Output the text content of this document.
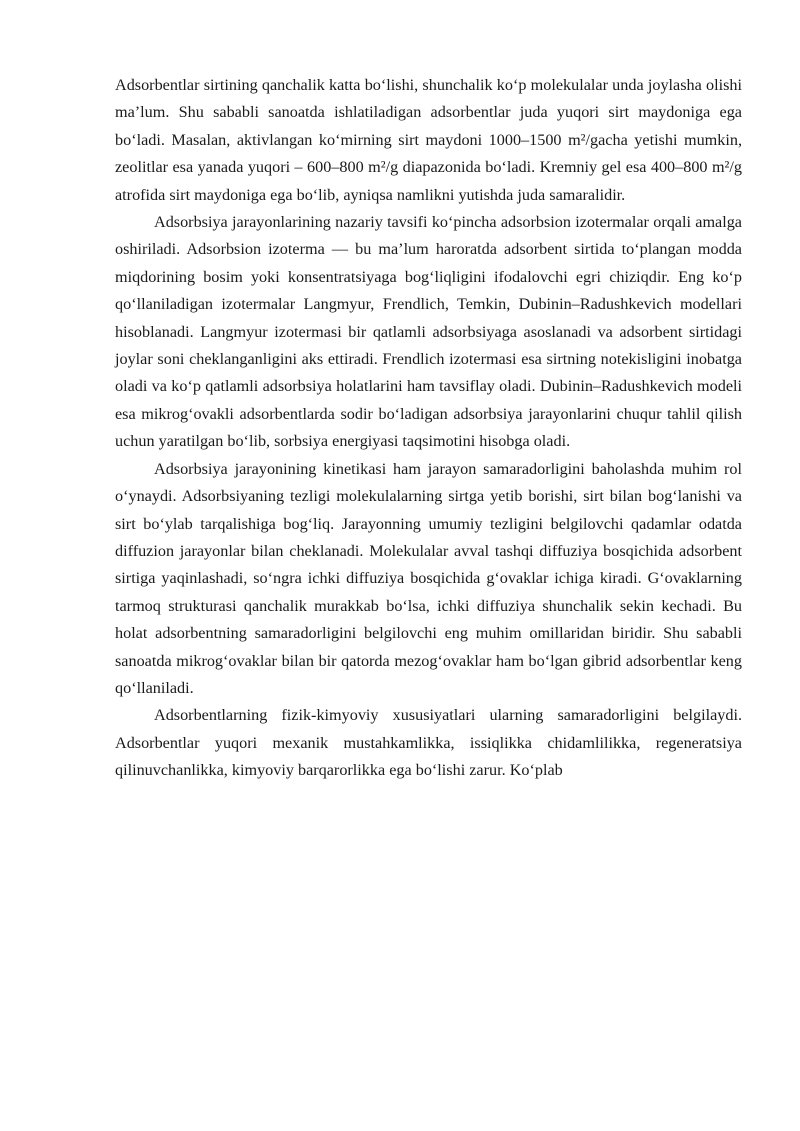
Adsorbentlar sirtining qanchalik katta bo‘lishi, shunchalik ko‘p molekulalar unda joylasha olishi ma’lum. Shu sababli sanoatda ishlatiladigan adsorbentlar juda yuqori sirt maydoniga ega bo‘ladi. Masalan, aktivlangan ko‘mirning sirt maydoni 1000–1500 m²/gacha yetishi mumkin, zeolitlar esa yanada yuqori – 600–800 m²/g diapazonida bo‘ladi. Kremniy gel esa 400–800 m²/g atrofida sirt maydoniga ega bo‘lib, ayniqsa namlikni yutishda juda samaralidir.

Adsorbsiya jarayonlarining nazariy tavsifi ko‘pincha adsorbsion izotermalar orqali amalga oshiriladi. Adsorbsion izoterma — bu ma’lum haroratda adsorbent sirtida to‘plangan modda miqdorining bosim yoki konsentratsiyaga bog‘liqligini ifodalovchi egri chiziqdir. Eng ko‘p qo‘llaniladigan izotermalar Langmyur, Frendlich, Temkin, Dubinin–Radushkevich modellari hisoblanadi. Langmyur izotermasi bir qatlamli adsorbsiyaga asoslanadi va adsorbent sirtidagi joylar soni cheklanganligini aks ettiradi. Frendlich izotermasi esa sirtning notekisligini inobatga oladi va ko‘p qatlamli adsorbsiya holatlarini ham tavsiflay oladi. Dubinin–Radushkevich modeli esa mikrog‘ovakli adsorbentlarda sodir bo‘ladigan adsorbsiya jarayonlarini chuqur tahlil qilish uchun yaratilgan bo‘lib, sorbsiya energiyasi taqsimotini hisobga oladi.

Adsorbsiya jarayonining kinetikasi ham jarayon samaradorligini baholashda muhim rol o‘ynaydi. Adsorbsiyaning tezligi molekulalarning sirtga yetib borishi, sirt bilan bog‘lanishi va sirt bo‘ylab tarqalishiga bog‘liq. Jarayonning umumiy tezligini belgilovchi qadamlar odatda diffuzion jarayonlar bilan cheklanadi. Molekulalar avval tashqi diffuziya bosqichida adsorbent sirtiga yaqinlashadi, so‘ngra ichki diffuziya bosqichida g‘ovaklar ichiga kiradi. G‘ovaklarning tarmoq strukturasi qanchalik murakkab bo‘lsa, ichki diffuziya shunchalik sekin kechadi. Bu holat adsorbentning samaradorligini belgilovchi eng muhim omillaridan biridir. Shu sababli sanoatda mikrog‘ovaklar bilan bir qatorda mezog‘ovaklar ham bo‘lgan gibrid adsorbentlar keng qo‘llaniladi.

Adsorbentlarning fizik-kimyoviy xususiyatlari ularning samaradorligini belgilaydi. Adsorbentlar yuqori mexanik mustahkamlikka, issiqlikka chidamlilikka, regeneratsiya qilinuvchanlikka, kimyoviy barqarorlikka ega bo‘lishi zarur. Ko‘plab
